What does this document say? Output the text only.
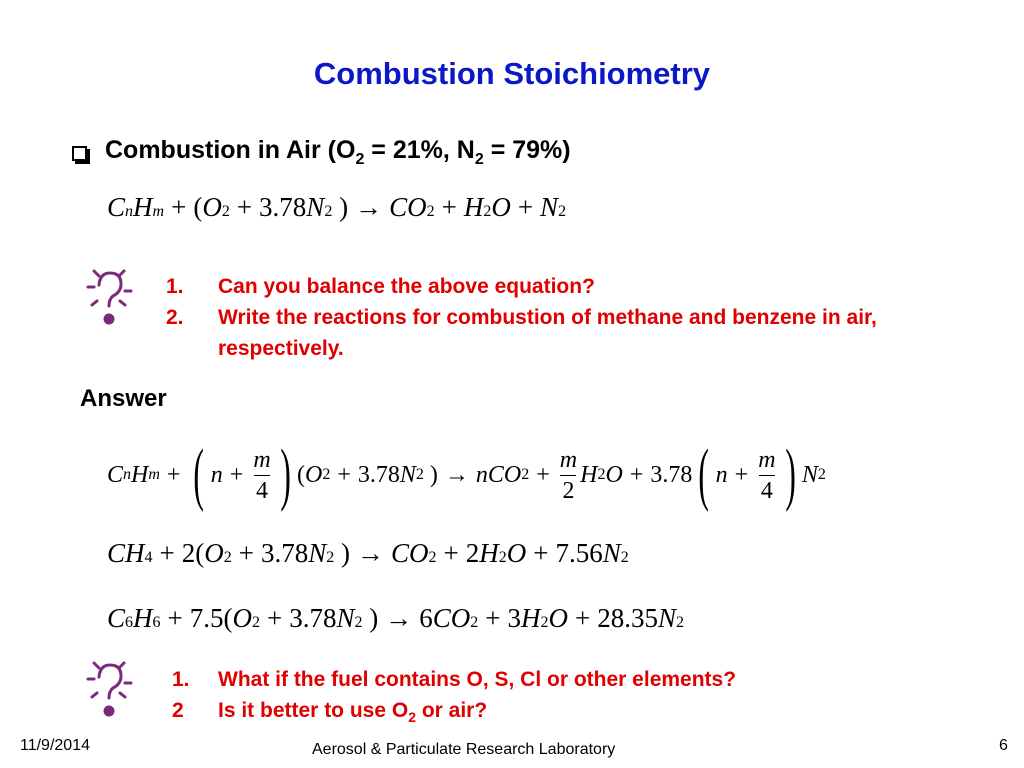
Combustion Stoichiometry
Combustion in Air ($O_2 = 21\%$, $N_2 = 79\%$)
C n H m + ( O 2 + 3.78 N 2 ) → CO 2 + H 2 O + N 2
1.	Can you balance the above equation?
2.	Write the reactions for combustion of methane and benzene in air, respectively.
Answer
C n H m + ( $n + \frac{m}{4}$ ) ( O 2 + 3.78 N 2 ) → nCO $2 + \frac{m}{2}$ H 2 O + 3.78 ( $n + \frac{m}{4}$ ) N 2
CH 4 + 2( O 2 + 3.78 N 2 ) → CO 2 + 2 H 2 O + 7.56 N 2
C 6 H 6 + 7.5( O 2 + 3.78 N 2 ) → 6 CO 2 + 3 H 2 O + 28.35 N 2
1.	What if the fuel contains O, S, Cl or other elements?
2	Is it better to use $O_2$ or air?
11/9/2014	Aerosol & Particulate Research Laboratory	6
